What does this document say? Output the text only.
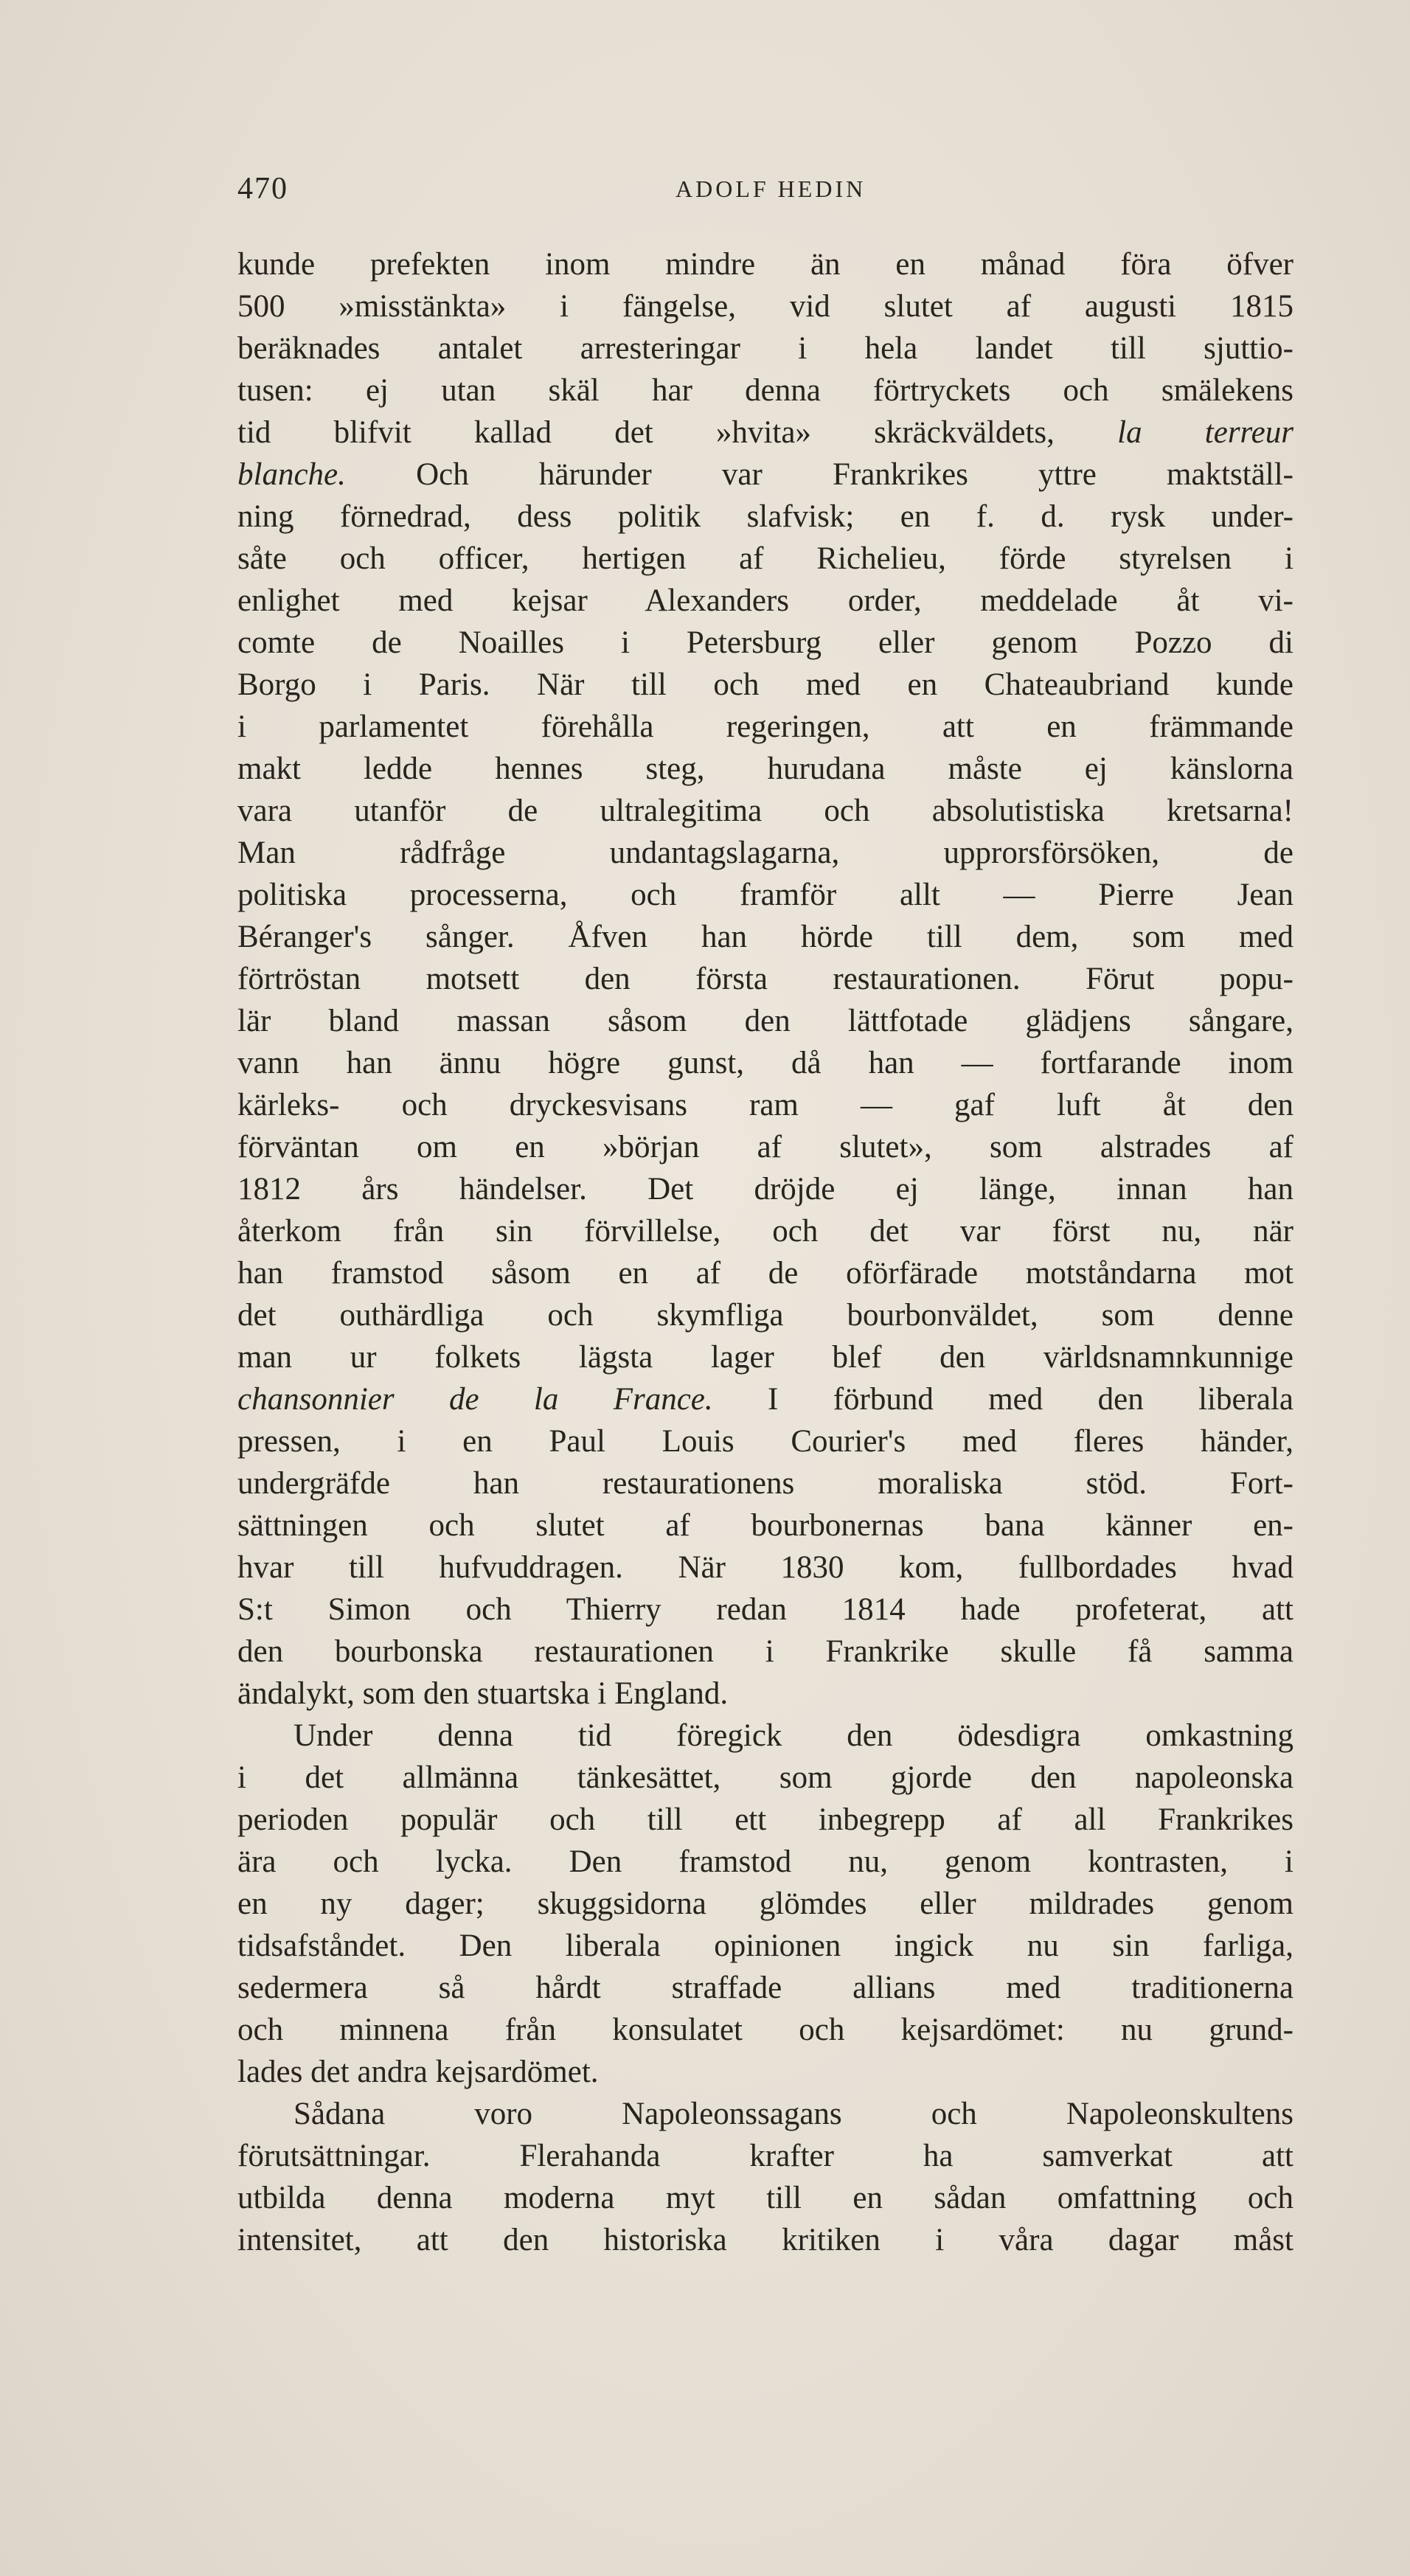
470	ADOLF HEDIN
kunde prefekten inom mindre än en månad föra öfver
500 »misstänkta» i fängelse, vid slutet af augusti 1815
beräknades antalet arresteringar i hela landet till sjuttio-
tusen: ej utan skäl har denna förtryckets och smälekens
tid blifvit kallad det »hvita» skräckväldets, la terreur
blanche. Och härunder var Frankrikes yttre maktställ-
ning förnedrad, dess politik slafvisk; en f. d. rysk under-
såte och officer, hertigen af Richelieu, förde styrelsen i
enlighet med kejsar Alexanders order, meddelade åt vi-
comte de Noailles i Petersburg eller genom Pozzo di
Borgo i Paris. När till och med en Chateaubriand kunde
i parlamentet förehålla regeringen, att en främmande
makt ledde hennes steg, hurudana måste ej känslorna
vara utanför de ultralegitima och absolutistiska kretsarna!
Man rådfråge undantagslagarna, upprorsförsöken, de
politiska processerna, och framför allt — Pierre Jean
Béranger's sånger. Åfven han hörde till dem, som med
förtröstan motsett den första restaurationen. Förut popu-
lär bland massan såsom den lättfotade glädjens sångare,
vann han ännu högre gunst, då han — fortfarande inom
kärleks- och dryckesvisans ram — gaf luft åt den
förväntan om en »början af slutet», som alstrades af
1812 års händelser. Det dröjde ej länge, innan han
återkom från sin förvillelse, och det var först nu, när
han framstod såsom en af de oförfärade motståndarna mot
det outhärdliga och skymfliga bourbonväldet, som denne
man ur folkets lägsta lager blef den världsnamnkunnige
chansonnier de la France. I förbund med den liberala
pressen, i en Paul Louis Courier's med fleres händer,
undergräfde han restaurationens moraliska stöd. Fort-
sättningen och slutet af bourbonernas bana känner en-
hvar till hufvuddragen. När 1830 kom, fullbordades hvad
S:t Simon och Thierry redan 1814 hade profeterat, att
den bourbonska restaurationen i Frankrike skulle få samma
ändalykt, som den stuartska i England.
Under denna tid föregick den ödesdigra omkastning
i det allmänna tänkesättet, som gjorde den napoleonska
perioden populär och till ett inbegrepp af all Frankrikes
ära och lycka. Den framstod nu, genom kontrasten, i
en ny dager; skuggsidorna glömdes eller mildrades genom
tidsafståndet. Den liberala opinionen ingick nu sin farliga,
sedermera så hårdt straffade allians med traditionerna
och minnena från konsulatet och kejsardömet: nu grund-
lades det andra kejsardömet.
Sådana voro Napoleonssagans och Napoleonskultens
förutsättningar. Flerahanda krafter ha samverkat att
utbilda denna moderna myt till en sådan omfattning och
intensitet, att den historiska kritiken i våra dagar måst
